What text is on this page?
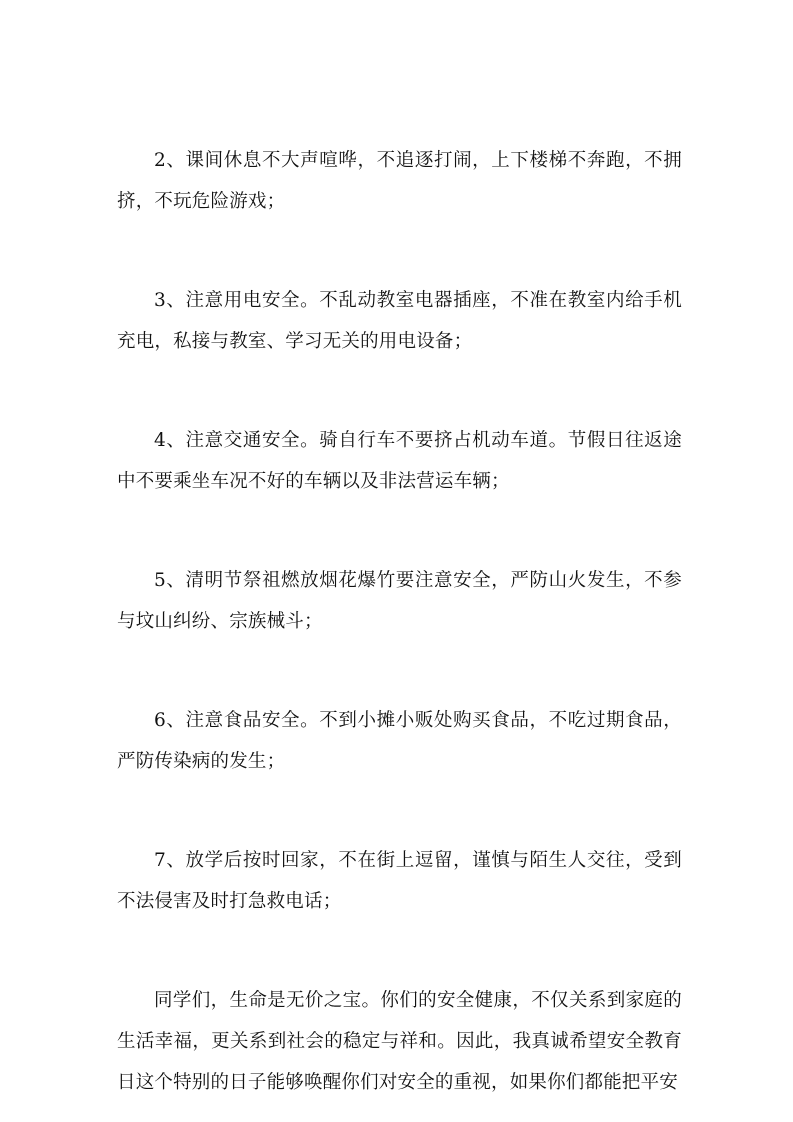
2、课间休息不大声喧哗，不追逐打闹，上下楼梯不奔跑，不拥挤，不玩危险游戏；

3、注意用电安全。不乱动教室电器插座，不准在教室内给手机充电，私接与教室、学习无关的用电设备；

4、注意交通安全。骑自行车不要挤占机动车道。节假日往返途中不要乘坐车况不好的车辆以及非法营运车辆；

5、清明节祭祖燃放烟花爆竹要注意安全，严防山火发生，不参与坟山纠纷、宗族械斗；

6、注意食品安全。不到小摊小贩处购买食品，不吃过期食品，严防传染病的发生；

7、放学后按时回家，不在街上逗留，谨慎与陌生人交往，受到不法侵害及时打急救电话；

同学们，生命是无价之宝。你们的安全健康，不仅关系到家庭的生活幸福，更关系到社会的稳定与祥和。因此，我真诚希望安全教育日这个特别的日子能够唤醒你们对安全的重视，如果你们都能把平安
